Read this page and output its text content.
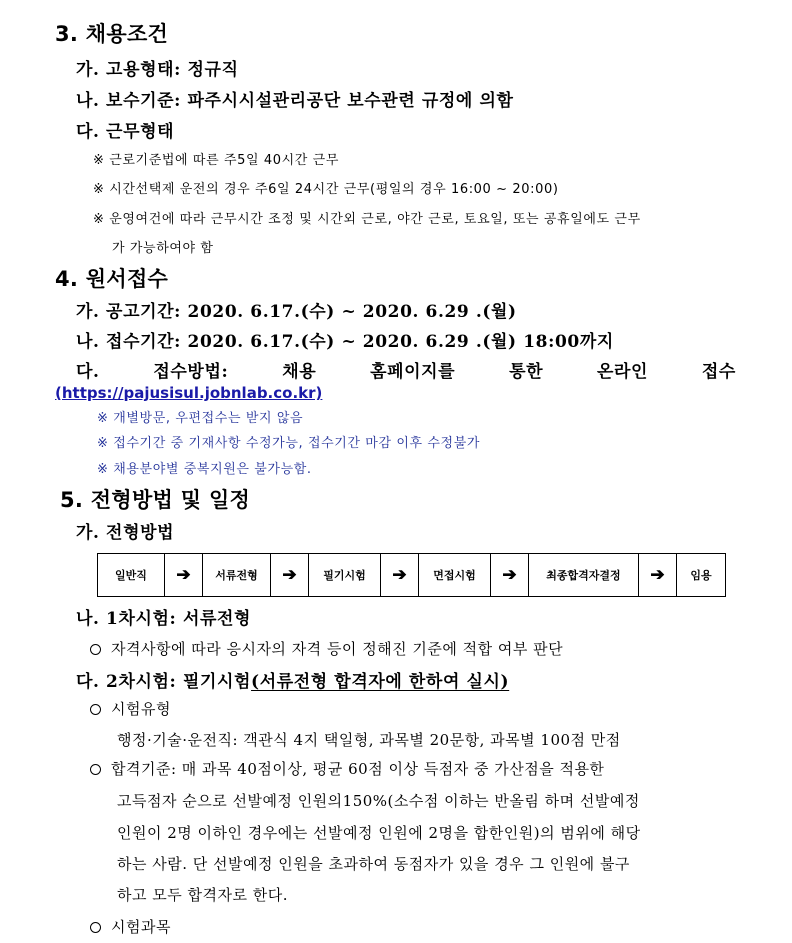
3. 채용조건
가. 고용형태: 정규직
나. 보수기준: 파주시시설관리공단 보수관련 규정에 의함
다. 근무형태
※ 근로기준법에 따른 주5일 40시간 근무
※ 시간선택제 운전의 경우 주6일 24시간 근무(평일의 경우 16:00 ~ 20:00)
※ 운영여건에 따라 근무시간 조정 및 시간외 근로, 야간 근로, 토요일, 또는 공휴일에도 근무
가 가능하여야 함
4. 원서접수
가. 공고기간: 2020. 6.17.(수) ~ 2020. 6.29 .(월)
나. 접수기간: 2020. 6.17.(수) ~ 2020. 6.29 .(월) 18:00까지
다.	접수방법:	채용	홈페이지를	통한	온라인	접수
(https://pajusisul.jobnlab.co.kr)
※ 개별방문, 우편접수는 받지 않음
※ 접수기간 중 기재사항 수정가능, 접수기간 마감 이후 수정불가
※ 채용분야별 중복지원은 불가능함.
5. 전형방법 및 일정
가. 전형방법
일반직	➔	서류전형	➔	필기시험	➔	면접시험	➔	최종합격자결정	➔	임용
나. 1차시험: 서류전형
자격사항에 따라 응시자의 자격 등이 정해진 기준에 적합 여부 판단
다. 2차시험: 필기시험(서류전형 합격자에 한하여 실시)
시험유형
행정·기술·운전직: 객관식 4지 택일형, 과목별 20문항, 과목별 100점 만점
합격기준: 매 과목 40점이상, 평균 60점 이상 득점자 중 가산점을 적용한
고득점자 순으로 선발예정 인원의150%(소수점 이하는 반올림 하며 선발예정
인원이 2명 이하인 경우에는 선발예정 인원에 2명을 합한인원)의 범위에 해당
하는 사람. 단 선발예정 인원을 초과하여 동점자가 있을 경우 그 인원에 불구
하고 모두 합격자로 한다.
시험과목
